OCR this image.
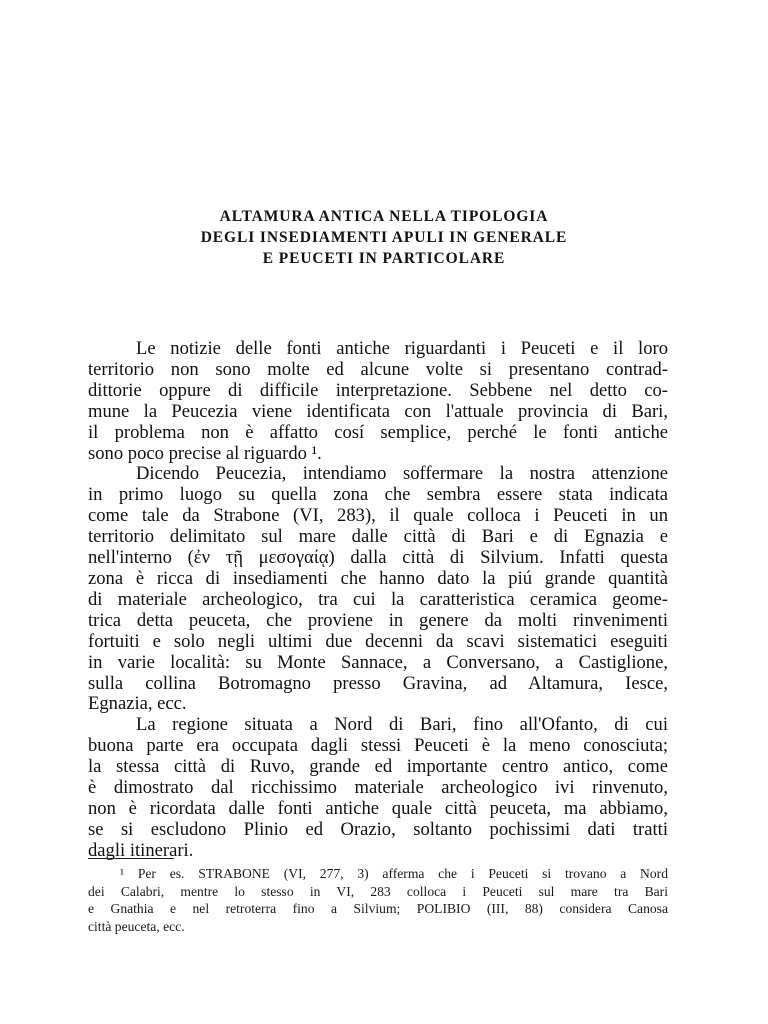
ALTAMURA ANTICA NELLA TIPOLOGIA
DEGLI INSEDIAMENTI APULI IN GENERALE
E PEUCETI IN PARTICOLARE
Le notizie delle fonti antiche riguardanti i Peuceti e il loro
territorio non sono molte ed alcune volte si presentano contrad-
dittorie oppure di difficile interpretazione. Sebbene nel detto co-
mune la Peucezia viene identificata con l'attuale provincia di Bari,
il problema non è affatto cosí semplice, perché le fonti antiche
sono poco precise al riguardo ¹.
Dicendo Peucezia, intendiamo soffermare la nostra attenzione
in primo luogo su quella zona che sembra essere stata indicata
come tale da Strabone (VI, 283), il quale colloca i Peuceti in un
territorio delimitato sul mare dalle città di Bari e di Egnazia e
nell'interno (ἐν τῇ μεσογαίᾳ) dalla città di Silvium. Infatti questa
zona è ricca di insediamenti che hanno dato la piú grande quantità
di materiale archeologico, tra cui la caratteristica ceramica geome-
trica detta peuceta, che proviene in genere da molti rinvenimenti
fortuiti e solo negli ultimi due decenni da scavi sistematici eseguiti
in varie località: su Monte Sannace, a Conversano, a Castiglione,
sulla collina Botromagno presso Gravina, ad Altamura, Iesce,
Egnazia, ecc.
La regione situata a Nord di Bari, fino all'Ofanto, di cui
buona parte era occupata dagli stessi Peuceti è la meno conosciuta;
la stessa città di Ruvo, grande ed importante centro antico, come
è dimostrato dal ricchissimo materiale archeologico ivi rinvenuto,
non è ricordata dalle fonti antiche quale città peuceta, ma abbiamo,
se si escludono Plinio ed Orazio, soltanto pochissimi dati tratti
dagli itinerari.
¹ Per es. STRABONE (VI, 277, 3) afferma che i Peuceti si trovano a Nord
dei Calabri, mentre lo stesso in VI, 283 colloca i Peuceti sul mare tra Bari
e Gnathia e nel retroterra fino a Silvium; POLIBIO (III, 88) considera Canosa
città peuceta, ecc.
